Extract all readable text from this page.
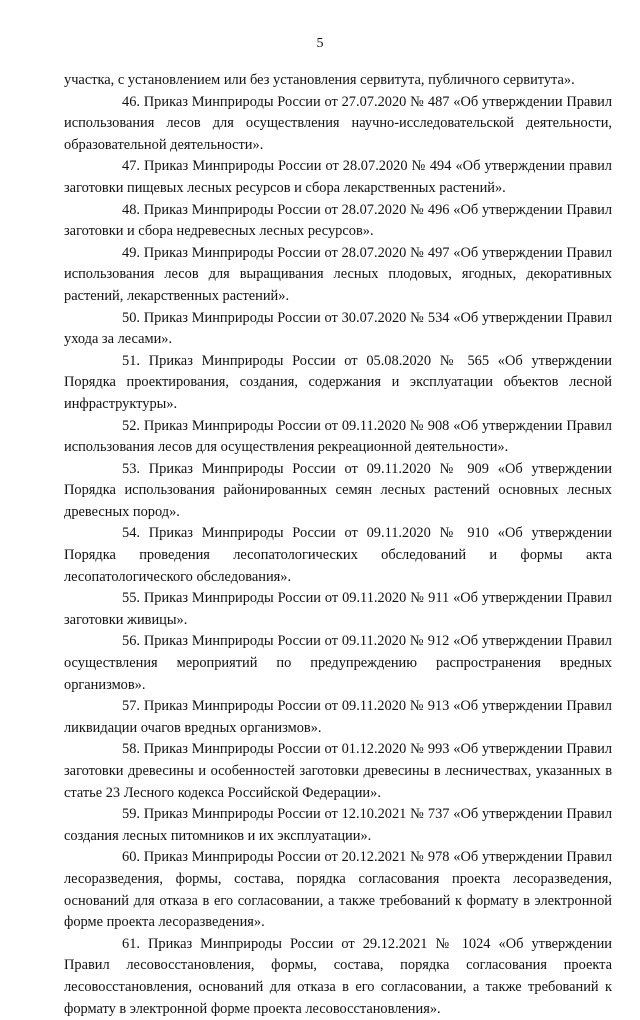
5

участка, с установлением или без установления сервитута, публичного сервитута».

46. Приказ Минприроды России от 27.07.2020 № 487 «Об утверждении Правил использования лесов для осуществления научно-исследовательской деятельности, образовательной деятельности».

47. Приказ Минприроды России от 28.07.2020 № 494 «Об утверждении правил заготовки пищевых лесных ресурсов и сбора лекарственных растений».

48. Приказ Минприроды России от 28.07.2020 № 496 «Об утверждении Правил заготовки и сбора недревесных лесных ресурсов».

49. Приказ Минприроды России от 28.07.2020 № 497 «Об утверждении Правил использования лесов для выращивания лесных плодовых, ягодных, декоративных растений, лекарственных растений».

50. Приказ Минприроды России от 30.07.2020 № 534 «Об утверждении Правил ухода за лесами».

51. Приказ Минприроды России от 05.08.2020 № 565 «Об утверждении Порядка проектирования, создания, содержания и эксплуатации объектов лесной инфраструктуры».

52. Приказ Минприроды России от 09.11.2020 № 908 «Об утверждении Правил использования лесов для осуществления рекреационной деятельности».

53. Приказ Минприроды России от 09.11.2020 № 909 «Об утверждении Порядка использования районированных семян лесных растений основных лесных древесных пород».

54. Приказ Минприроды России от 09.11.2020 № 910 «Об утверждении Порядка проведения лесопатологических обследований и формы акта лесопатологического обследования».

55. Приказ Минприроды России от 09.11.2020 № 911 «Об утверждении Правил заготовки живицы».

56. Приказ Минприроды России от 09.11.2020 № 912 «Об утверждении Правил осуществления мероприятий по предупреждению распространения вредных организмов».

57. Приказ Минприроды России от 09.11.2020 № 913 «Об утверждении Правил ликвидации очагов вредных организмов».

58. Приказ Минприроды России от 01.12.2020 № 993 «Об утверждении Правил заготовки древесины и особенностей заготовки древесины в лесничествах, указанных в статье 23 Лесного кодекса Российской Федерации».

59. Приказ Минприроды России от 12.10.2021 № 737 «Об утверждении Правил создания лесных питомников и их эксплуатации».

60. Приказ Минприроды России от 20.12.2021 № 978 «Об утверждении Правил лесоразведения, формы, состава, порядка согласования проекта лесоразведения, оснований для отказа в его согласовании, а также требований к формату в электронной форме проекта лесоразведения».

61. Приказ Минприроды России от 29.12.2021 № 1024 «Об утверждении Правил лесовосстановления, формы, состава, порядка согласования проекта лесовосстановления, оснований для отказа в его согласовании, а также требований к формату в электронной форме проекта лесовосстановления».
